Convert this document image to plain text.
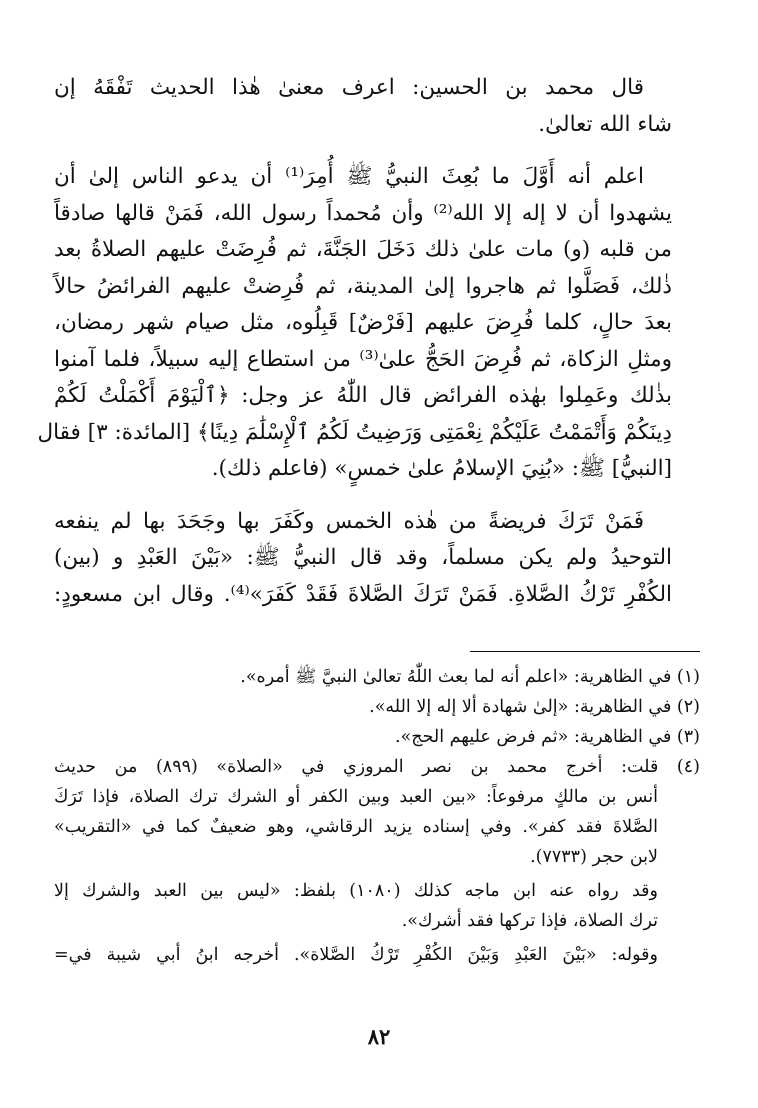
قال محمد بن الحسين: اعرف معنىٰ هٰذا الحديث تَفْقَهُ إن
شاء الله تعالىٰ.
اعلم أنه أَوَّلَ ما بُعِثَ النبيُّ ﷺ أُمِرَ⁽¹⁾ أن يدعو الناس إلىٰ أن
يشهدوا أن لا إله إلا الله⁽²⁾ وأن مُحمداً رسول الله، فَمَنْ قالها صادقاً
من قلبه (و) مات علىٰ ذلك دَخَلَ الجَنَّةَ، ثم فُرِضَتْ عليهم الصلاةُ بعد
ذٰلك، فَصَلَّوا ثم هاجروا إلىٰ المدينة، ثم فُرِضتْ عليهم الفرائضُ حالاً
بعدَ حالٍ، كلما فُرِضَ عليهم [فَرْضٌ] قَبِلُوه، مثل صيام شهر رمضان،
ومثلِ الزكاة، ثم فُرِضَ الحَجُّ علىٰ⁽³⁾ من استطاع إليه سبيلاً، فلما آمنوا
بذٰلك وعَمِلوا بهٰذه الفرائض قال اللّٰهُ عز وجل: ﴿ٱلْيَوْمَ أَكْمَلْتُ لَكُمْ
دِينَكُمْ وَأَتْمَمْتُ عَلَيْكُمْ نِعْمَتِى وَرَضِيتُ لَكُمُ ٱلْإِسْلَٰمَ دِينًا﴾ [المائدة: ٣] فقال
[النبيُّ] ﷺ: «بُنِيَ الإسلامُ علىٰ خمسٍ» (فاعلم ذلك).
فَمَنْ تَرَكَ فريضةً من هٰذه الخمس وكَفَرَ بها وجَحَدَ بها لم ينفعه
التوحيدُ ولم يكن مسلماً، وقد قال النبيُّ ﷺ: «بَيْنَ العَبْدِ و (بين)
الكُفْرِ تَرْكُ الصَّلاةِ. فَمَنْ تَرَكَ الصَّلاةَ فَقَدْ كَفَرَ»⁽⁴⁾. وقال ابن مسعودٍ:
(١) في الظاهرية: «اعلم أنه لما بعث اللّٰهُ تعالىٰ النبيَّ ﷺ أمره».
(٢) في الظاهرية: «إلىٰ شهادة ألا إله إلا الله».
(٣) في الظاهرية: «ثم فرض عليهم الحج».
(٤) قلت: أخرج محمد بن نصر المروزي في «الصلاة» (٨٩٩) من حديث
أنس بن مالكٍ مرفوعاً: «بين العبد وبين الكفر أو الشرك ترك الصلاة، فإذا تَرَكَ
الصَّلاةَ فقد كفر». وفي إسناده يزيد الرقاشي، وهو ضعيفٌ كما في «التقريب»
لابن حجر (٧٧٣٣).
وقد رواه عنه ابن ماجه كذلك (١٠٨٠) بلفظ: «ليس بين العبد والشرك إلا
ترك الصلاة، فإذا تركها فقد أشرك».
وقوله: «بَيْنَ العَبْدِ وَبَيْنَ الكُفْرِ تَرْكُ الصَّلاة». أخرجه ابنُ أبي شيبة في=
٨٢
